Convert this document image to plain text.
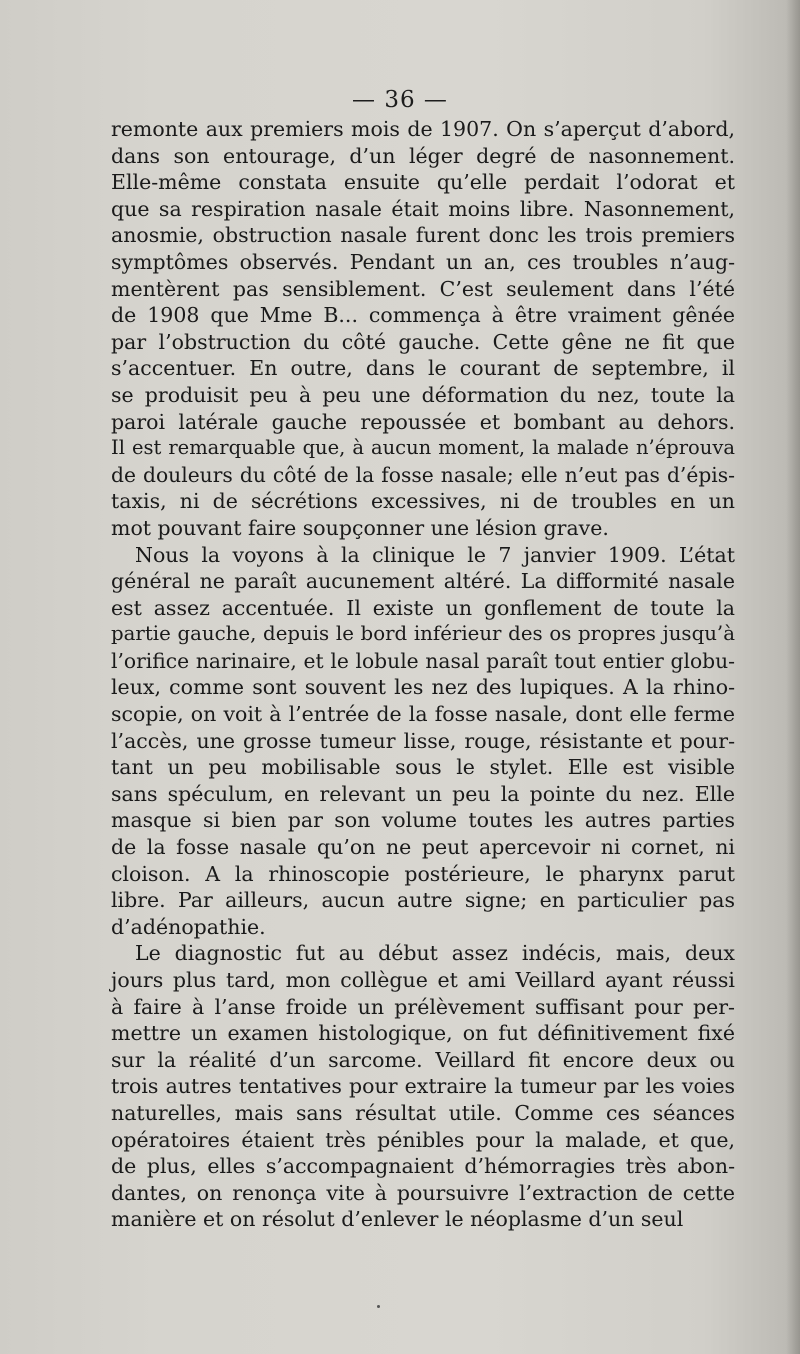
— 36 —
remonte aux premiers mois de 1907. On s’aperçut d’abord,
dans son entourage, d’un léger degré de nasonnement.
Elle-même constata ensuite qu’elle perdait l’odorat et
que sa respiration nasale était moins libre. Nasonnement,
anosmie, obstruction nasale furent donc les trois premiers
symptômes observés. Pendant un an, ces troubles n’aug-
mentèrent pas sensiblement. C’est seulement dans l’été
de 1908 que Mme B... commença à être vraiment gênée
par l’obstruction du côté gauche. Cette gêne ne fit que
s’accentuer. En outre, dans le courant de septembre, il
se produisit peu à peu une déformation du nez, toute la
paroi latérale gauche repoussée et bombant au dehors.
Il est remarquable que, à aucun moment, la malade n’éprouva
de douleurs du côté de la fosse nasale; elle n’eut pas d’épis-
taxis, ni de sécrétions excessives, ni de troubles en un
mot pouvant faire soupçonner une lésion grave.
Nous la voyons à la clinique le 7 janvier 1909. L’état
général ne paraît aucunement altéré. La difformité nasale
est assez accentuée. Il existe un gonflement de toute la
partie gauche, depuis le bord inférieur des os propres jusqu’à
l’orifice narinaire, et le lobule nasal paraît tout entier globu-
leux, comme sont souvent les nez des lupiques. A la rhino-
scopie, on voit à l’entrée de la fosse nasale, dont elle ferme
l’accès, une grosse tumeur lisse, rouge, résistante et pour-
tant un peu mobilisable sous le stylet. Elle est visible
sans spéculum, en relevant un peu la pointe du nez. Elle
masque si bien par son volume toutes les autres parties
de la fosse nasale qu’on ne peut apercevoir ni cornet, ni
cloison. A la rhinoscopie postérieure, le pharynx parut
libre. Par ailleurs, aucun autre signe; en particulier pas
d’adénopathie.
Le diagnostic fut au début assez indécis, mais, deux
jours plus tard, mon collègue et ami Veillard ayant réussi
à faire à l’anse froide un prélèvement suffisant pour per-
mettre un examen histologique, on fut définitivement fixé
sur la réalité d’un sarcome. Veillard fit encore deux ou
trois autres tentatives pour extraire la tumeur par les voies
naturelles, mais sans résultat utile. Comme ces séances
opératoires étaient très pénibles pour la malade, et que,
de plus, elles s’accompagnaient d’hémorragies très abon-
dantes, on renonça vite à poursuivre l’extraction de cette
manière et on résolut d’enlever le néoplasme d’un seul
